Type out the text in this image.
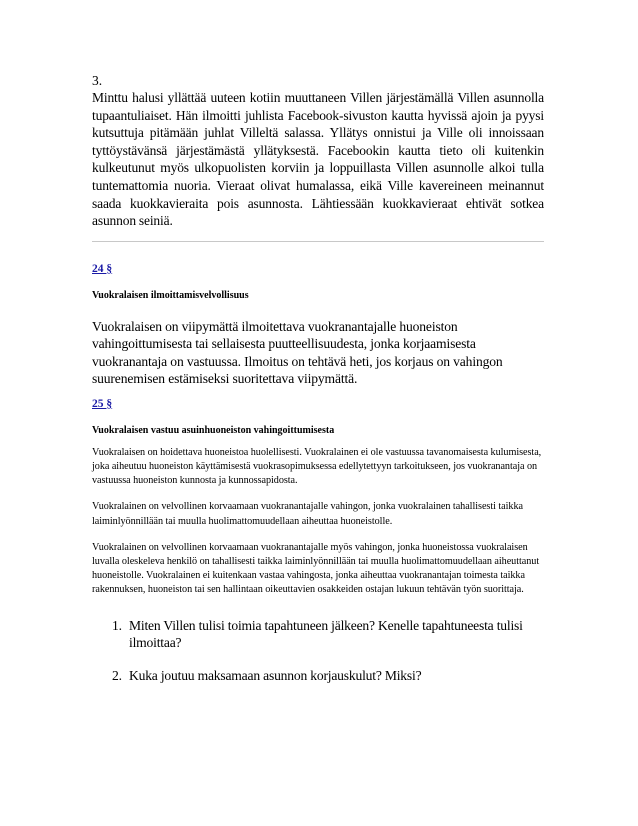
3.

Minttu halusi yllättää uuteen kotiin muuttaneen Villen järjestämällä Villen asunnolla tupaantuliaiset. Hän ilmoitti juhlista Facebook-sivuston kautta hyvissä ajoin ja pyysi kutsuttuja pitämään juhlat Villeltä salassa. Yllätys onnistui ja Ville oli innoissaan tyttöystävänsä järjestämästä yllätyksestä. Facebookin kautta tieto oli kuitenkin kulkeutunut myös ulkopuolisten korviin ja loppuillasta Villen asunnolle alkoi tulla tuntemattomia nuoria. Vieraat olivat humalassa, eikä Ville kavereineen meinannut saada kuokkavieraita pois asunnosta. Lähtiessään kuokkavieraat ehtivät sotkea asunnon seiniä.

24 §
Vuokralaisen ilmoittamisvelvollisuus

Vuokralaisen on viipymättä ilmoitettava vuokranantajalle huoneiston vahingoittumisesta tai sellaisesta puutteellisuudesta, jonka korjaamisesta vuokranantaja on vastuussa. Ilmoitus on tehtävä heti, jos korjaus on vahingon suurenemisen estämiseksi suoritettava viipymättä.

25 §
Vuokralaisen vastuu asuinhuoneiston vahingoittumisesta

Vuokralaisen on hoidettava huoneistoa huolellisesti. Vuokralainen ei ole vastuussa tavanomaisesta kulumisesta, joka aiheutuu huoneiston käyttämisestä vuokrasopimuksessa edellytettyyn tarkoitukseen, jos vuokranantaja on vastuussa huoneiston kunnosta ja kunnossapidosta.

Vuokralainen on velvollinen korvaamaan vuokranantajalle vahingon, jonka vuokralainen tahallisesti taikka laiminlyönnillään tai muulla huolimattomuudellaan aiheuttaa huoneistolle.

Vuokralainen on velvollinen korvaamaan vuokranantajalle myös vahingon, jonka huoneistossa vuokralaisen luvalla oleskeleva henkilö on tahallisesti taikka laiminlyönnillään tai muulla huolimattomuudellaan aiheuttanut huoneistolle. Vuokralainen ei kuitenkaan vastaa vahingosta, jonka aiheuttaa vuokranantajan toimesta taikka rakennuksen, huoneiston tai sen hallintaan oikeuttavien osakkeiden ostajan lukuun tehtävän työn suorittaja.

1. Miten Villen tulisi toimia tapahtuneen jälkeen? Kenelle tapahtuneesta tulisi ilmoittaa?
2. Kuka joutuu maksamaan asunnon korjauskulut? Miksi?
